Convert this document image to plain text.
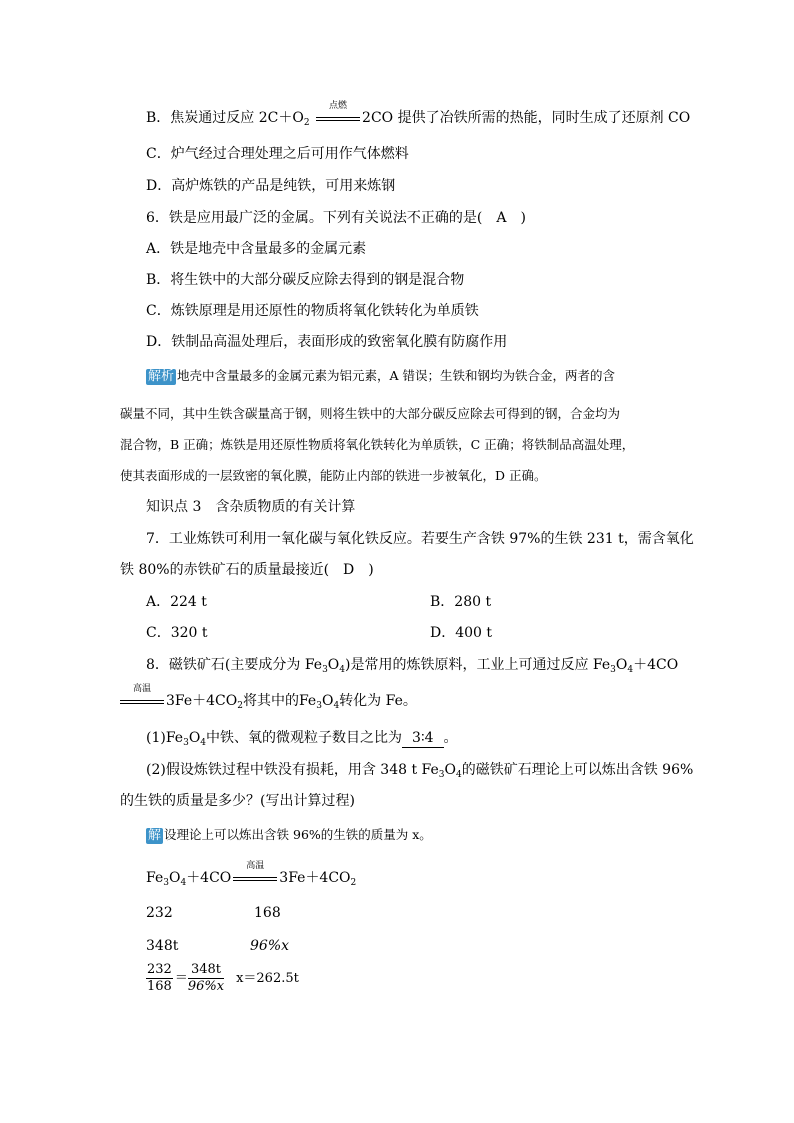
B．焦炭通过反应 $2C+O_2$
点燃
2CO 提供了冶铁所需的热能，同时生成了还原剂 CO
C．炉气经过合理处理之后可用作气体燃料
D．高炉炼铁的产品是纯铁，可用来炼钢
6．铁是应用最广泛的金属。下列有关说法不正确的是(　A　)
A．铁是地壳中含量最多的金属元素
B．将生铁中的大部分碳反应除去得到的钢是混合物
C．炼铁原理是用还原性的物质将氧化铁转化为单质铁
D．铁制品高温处理后，表面形成的致密氧化膜有防腐作用
解析 地壳中含量最多的金属元素为铝元素，A 错误；生铁和钢均为铁合金，两者的含
碳量不同，其中生铁含碳量高于钢，则将生铁中的大部分碳反应除去可得到的钢，合金均为
混合物，B 正确；炼铁是用还原性物质将氧化铁转化为单质铁，C 正确；将铁制品高温处理，
使其表面形成的一层致密的氧化膜，能防止内部的铁进一步被氧化，D 正确。
知识点 3　含杂质物质的有关计算
7．工业炼铁可利用一氧化碳与氧化铁反应。若要生产含铁 97%的生铁 231 t，需含氧化
铁 80%的赤铁矿石的质量最接近(　D　)
A．224 t	B．280 t
C．320 t	D．400 t
8．磁铁矿石(主要成分为 $Fe_3O_4$)是常用的炼铁原料，工业上可通过反应 $Fe_3O_4+4CO$
高温
$3Fe+4CO_2$将其中的$Fe_3O_4$转化为 Fe。
$(1)Fe_3O_4$中铁、氧的微观粒子数目之比为 3∶4 。
(2)假设炼铁过程中铁没有损耗，用含 348 t $Fe_3O_4$的磁铁矿石理论上可以炼出含铁 96%
的生铁的质量是多少？(写出计算过程)
解 设理论上可以炼出含铁 96%的生铁的质量为 x。
$Fe_3O_4+4CO$
高温
$3Fe+4CO_2$
232	168
348t	96%x
$\frac{232}{168} = \frac{348t}{96\%x} x=262.5t$
